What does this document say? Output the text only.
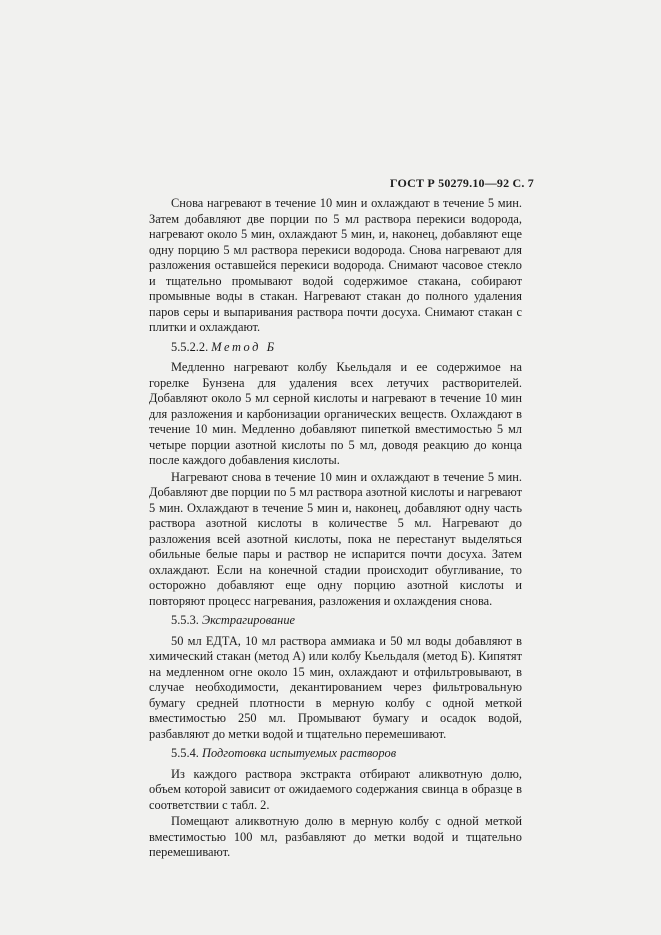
ГОСТ Р 50279.10—92 С. 7

Снова нагревают в течение 10 мин и охлаждают в течение 5 мин. Затем добавляют две порции по 5 мл раствора перекиси водорода, нагревают около 5 мин, охлаждают 5 мин, и, наконец, добавляют еще одну порцию 5 мл раствора перекиси водорода. Снова нагревают для разложения оставшейся перекиси водорода. Снимают часовое стекло и тщательно промывают водой содержимое стакана, собирают промывные воды в стакан. Нагревают стакан до полного удаления паров серы и выпаривания раствора почти досуха. Снимают стакан с плитки и охлаждают.

5.5.2.2. Метод Б

Медленно нагревают колбу Кьельдаля и ее содержимое на горелке Бунзена для удаления всех летучих растворителей. Добавляют около 5 мл серной кислоты и нагревают в течение 10 мин для разложения и карбонизации органических веществ. Охлаждают в течение 10 мин. Медленно добавляют пипеткой вместимостью 5 мл четыре порции азотной кислоты по 5 мл, доводя реакцию до конца после каждого добавления кислоты.

Нагревают снова в течение 10 мин и охлаждают в течение 5 мин. Добавляют две порции по 5 мл раствора азотной кислоты и нагревают 5 мин. Охлаждают в течение 5 мин и, наконец, добавляют одну часть раствора азотной кислоты в количестве 5 мл. Нагревают до разложения всей азотной кислоты, пока не перестанут выделяться обильные белые пары и раствор не испарится почти досуха. Затем охлаждают. Если на конечной стадии происходит обугливание, то осторожно добавляют еще одну порцию азотной кислоты и повторяют процесс нагревания, разложения и охлаждения снова.

5.5.3. Экстрагирование

50 мл ЕДТА, 10 мл раствора аммиака и 50 мл воды добавляют в химический стакан (метод А) или колбу Кьельдаля (метод Б). Кипятят на медленном огне около 15 мин, охлаждают и отфильтровывают, в случае необходимости, декантированием через фильтровальную бумагу средней плотности в мерную колбу с одной меткой вместимостью 250 мл. Промывают бумагу и осадок водой, разбавляют до метки водой и тщательно перемешивают.

5.5.4. Подготовка испытуемых растворов

Из каждого раствора экстракта отбирают аликвотную долю, объем которой зависит от ожидаемого содержания свинца в образце в соответствии с табл. 2.

Помещают аликвотную долю в мерную колбу с одной меткой вместимостью 100 мл, разбавляют до метки водой и тщательно перемешивают.
